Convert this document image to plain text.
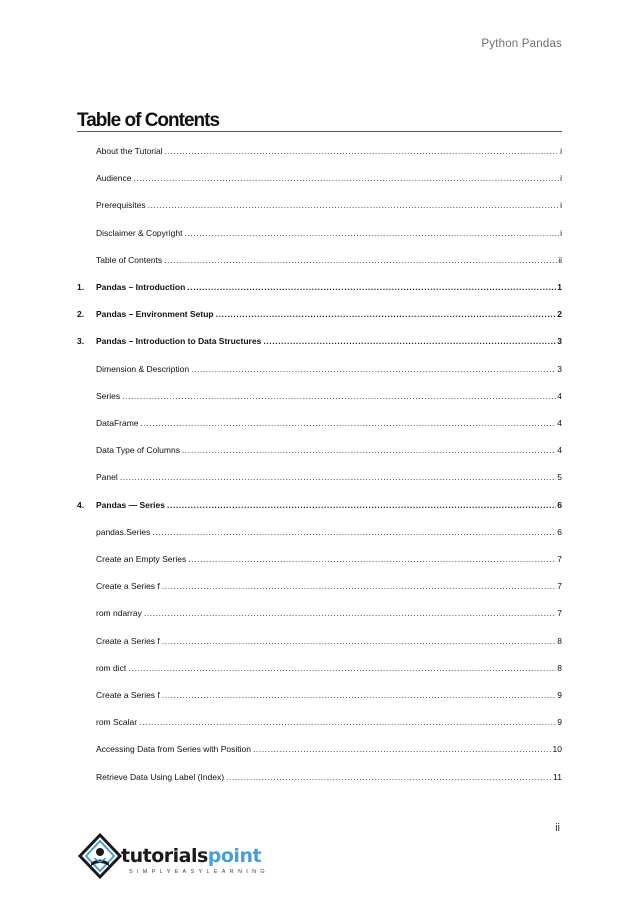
Python Pandas
Table of Contents
About the Tutorial .....	i
Audience .....	i
Prerequisites .....	i
Disclaimer & Copyright .....	i
Table of Contents .....	ii
1.	Pandas – Introduction .....	1
2.	Pandas – Environment Setup .....	2
3.	Pandas – Introduction to Data Structures .....	3
Dimension & Description .....	3
Series .....	4
DataFrame .....	4
Data Type of Columns .....	4
Panel .....	5
4.	Pandas — Series .....	6
pandas.Series .....	6
Create an Empty Series .....	7
Create a Series f .....	7
rom ndarray .....	7
Create a Series f .....	8
rom dict .....	8
Create a Series f .....	9
rom Scalar .....	9
Accessing Data from Series with Position .....	10
Retrieve Data Using Label (Index) .....	11
ii
tutorialspoint
SIMPLYEASYLEARNING
